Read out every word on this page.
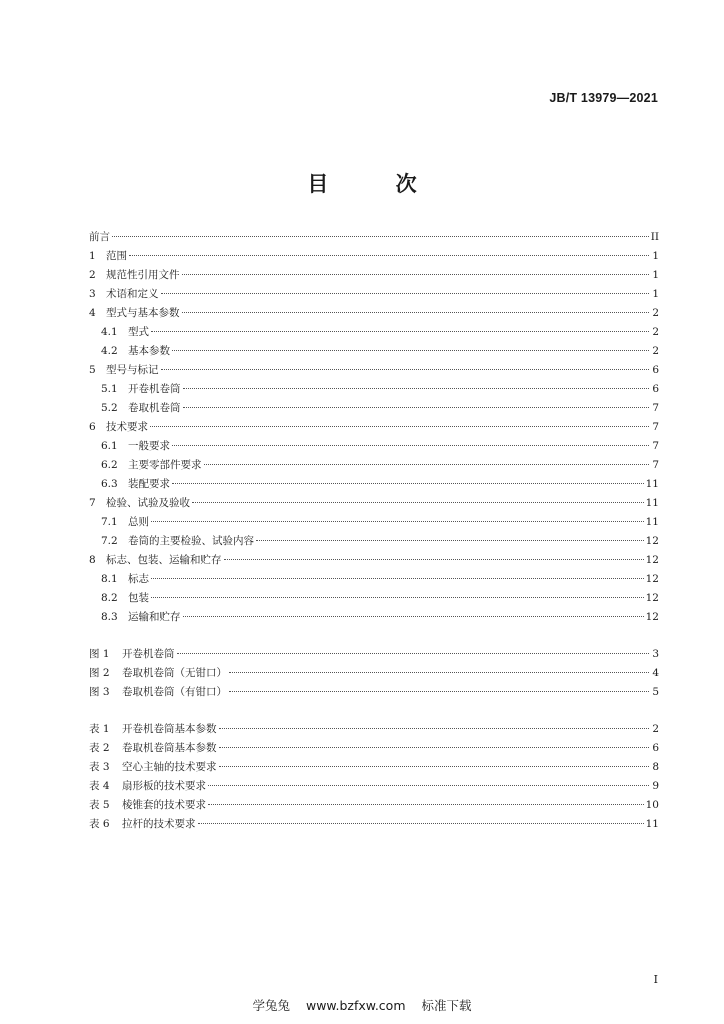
JB/T 13979—2021
目 次
前言	II
1 范围	1
2 规范性引用文件	1
3 术语和定义	1
4 型式与基本参数	2
4.1 型式	2
4.2 基本参数	2
5 型号与标记	6
5.1 开卷机卷筒	6
5.2 卷取机卷筒	7
6 技术要求	7
6.1 一般要求	7
6.2 主要零部件要求	7
6.3 装配要求	11
7 检验、试验及验收	11
7.1 总则	11
7.2 卷筒的主要检验、试验内容	12
8 标志、包装、运输和贮存	12
8.1 标志	12
8.2 包装	12
8.3 运输和贮存	12
图 1	开卷机卷筒	3
图 2	卷取机卷筒（无钳口）	4
图 3	卷取机卷筒（有钳口）	5
表 1	开卷机卷筒基本参数	2
表 2	卷取机卷筒基本参数	6
表 3	空心主轴的技术要求	8
表 4	扇形板的技术要求	9
表 5	棱锥套的技术要求	10
表 6	拉杆的技术要求	11
I
学兔兔 www.bzfxw.com 标准下载
